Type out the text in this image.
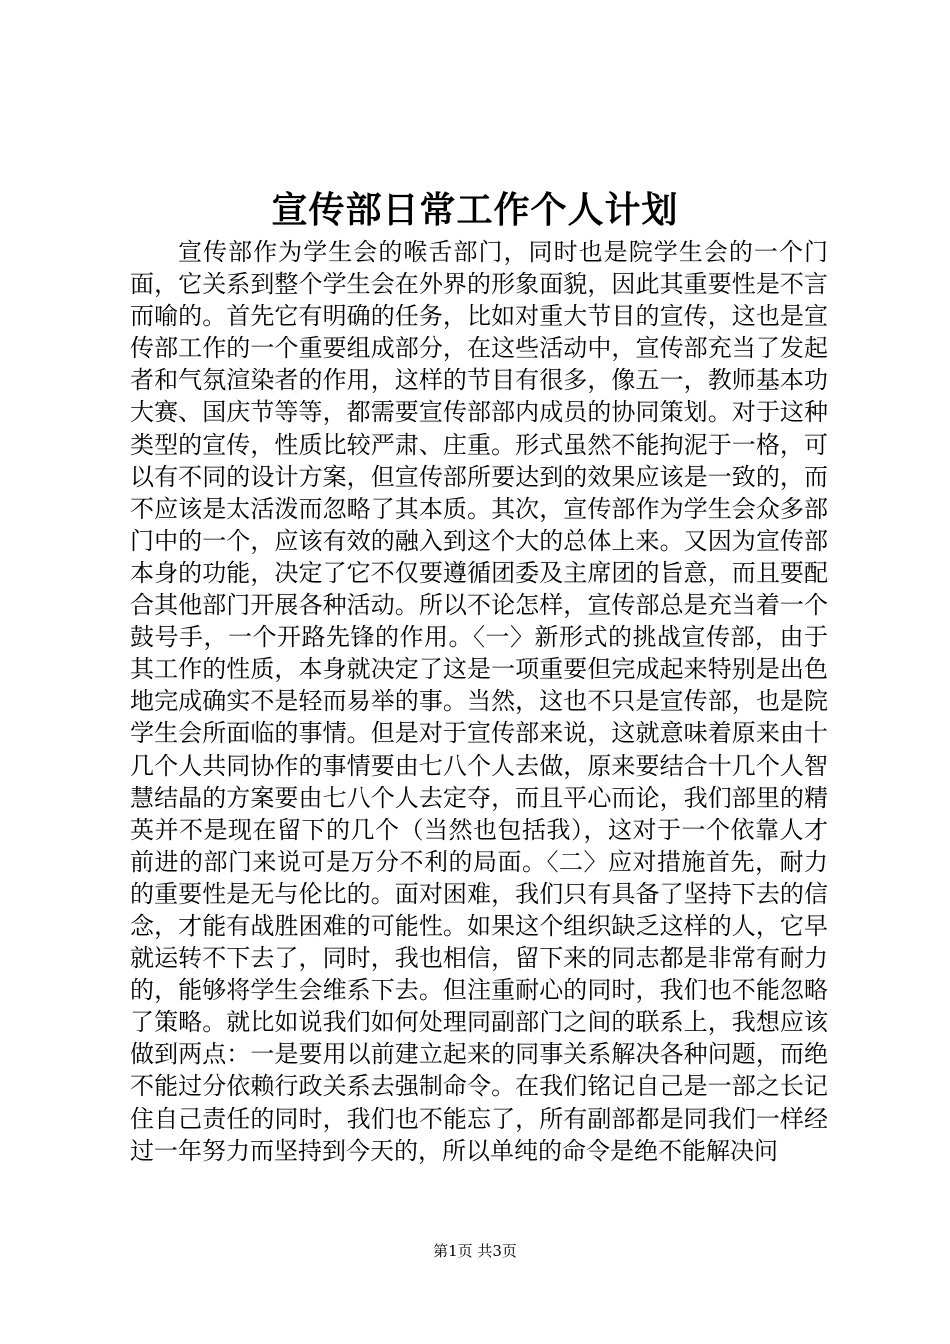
宣传部日常工作个人计划

宣传部作为学生会的喉舌部门，同时也是院学生会的一个门面，它关系到整个学生会在外界的形象面貌，因此其重要性是不言而喻的。首先它有明确的任务，比如对重大节目的宣传，这也是宣传部工作的一个重要组成部分，在这些活动中，宣传部充当了发起者和气氛渲染者的作用，这样的节目有很多，像五一，教师基本功大赛、国庆节等等，都需要宣传部部内成员的协同策划。对于这种类型的宣传，性质比较严肃、庄重。形式虽然不能拘泥于一格，可以有不同的设计方案，但宣传部所要达到的效果应该是一致的，而不应该是太活泼而忽略了其本质。其次，宣传部作为学生会众多部门中的一个，应该有效的融入到这个大的总体上来。又因为宣传部本身的功能，决定了它不仅要遵循团委及主席团的旨意，而且要配合其他部门开展各种活动。所以不论怎样，宣传部总是充当着一个鼓号手，一个开路先锋的作用。〈一〉新形式的挑战宣传部，由于其工作的性质，本身就决定了这是一项重要但完成起来特别是出色地完成确实不是轻而易举的事。当然，这也不只是宣传部，也是院学生会所面临的事情。但是对于宣传部来说，这就意味着原来由十几个人共同协作的事情要由七八个人去做，原来要结合十几个人智慧结晶的方案要由七八个人去定夺，而且平心而论，我们部里的精英并不是现在留下的几个（当然也包括我），这对于一个依靠人才前进的部门来说可是万分不利的局面。〈二〉应对措施首先，耐力的重要性是无与伦比的。面对困难，我们只有具备了坚持下去的信念，才能有战胜困难的可能性。如果这个组织缺乏这样的人，它早就运转不下去了，同时，我也相信，留下来的同志都是非常有耐力的，能够将学生会维系下去。但注重耐心的同时，我们也不能忽略了策略。就比如说我们如何处理同副部门之间的联系上，我想应该做到两点：一是要用以前建立起来的同事关系解决各种问题，而绝不能过分依赖行政关系去强制命令。在我们铭记自己是一部之长记住自己责任的同时，我们也不能忘了，所有副部都是同我们一样经过一年努力而坚持到今天的，所以单纯的命令是绝不能解决问

第1页 共3页
